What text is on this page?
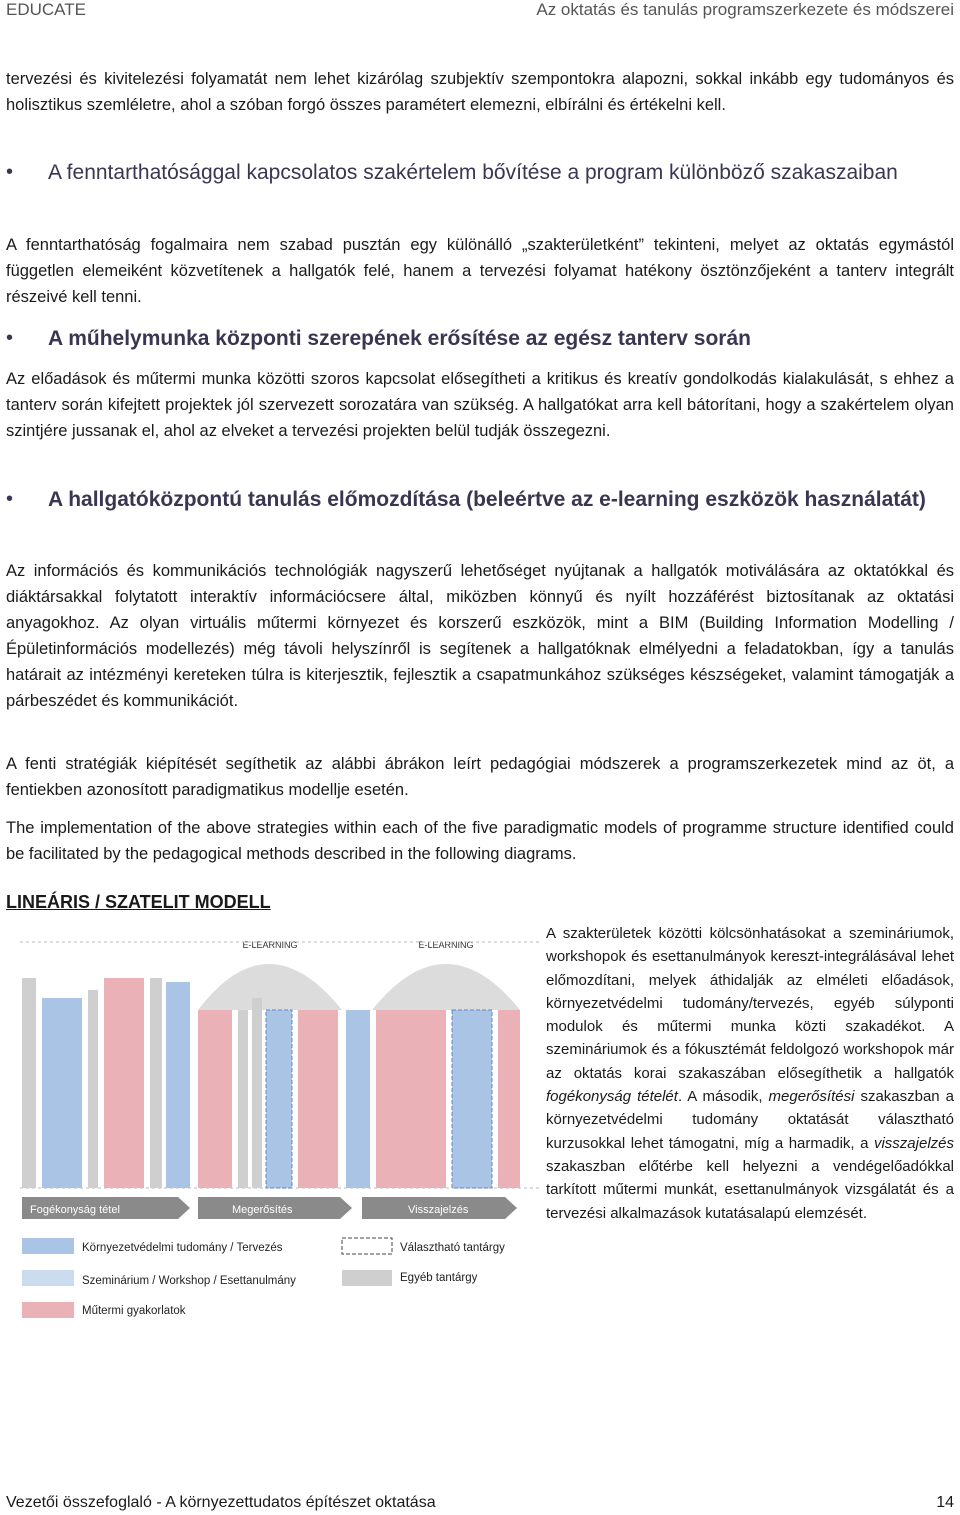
EDUCATE	Az oktatás és tanulás programszerkezete és módszerei
tervezési és kivitelezési folyamatát nem lehet kizárólag szubjektív szempontokra alapozni, sokkal inkább egy tudományos és holisztikus szemléletre, ahol a szóban forgó összes paramétert elemezni, elbírálni és értékelni kell.
• A fenntarthatósággal kapcsolatos szakértelem bővítése a program különböző szakaszaiban
A fenntarthatóság fogalmaira nem szabad pusztán egy különálló „szakterületként” tekinteni, melyet az oktatás egymástól független elemeiként közvetítenek a hallgatók felé, hanem a tervezési folyamat hatékony ösztönzőjeként a tanterv integrált részeivé kell tenni.
• A műhelymunka központi szerepének erősítése az egész tanterv során
Az előadások és műtermi munka közötti szoros kapcsolat elősegítheti a kritikus és kreatív gondolkodás kialakulását, s ehhez a tanterv során kifejtett projektek jól szervezett sorozatára van szükség. A hallgatókat arra kell bátorítani, hogy a szakértelem olyan szintjére jussanak el, ahol az elveket a tervezési projekten belül tudják összegezni.
• A hallgatóközpontú tanulás előmozdítása (beleértve az e-learning eszközök használatát)
Az információs és kommunikációs technológiák nagyszerű lehetőséget nyújtanak a hallgatók motiválására az oktatókkal és diáktársakkal folytatott interaktív információcsere által, miközben könnyű és nyílt hozzáférést biztosítanak az oktatási anyagokhoz. Az olyan virtuális műtermi környezet és korszerű eszközök, mint a BIM (Building Information Modelling / Épületinformációs modellezés) még távoli helyszínről is segítenek a hallgatóknak elmélyedni a feladatokban, így a tanulás határait az intézményi kereteken túlra is kiterjesztik, fejlesztik a csapatmunkához szükséges készségeket, valamint támogatják a párbeszédet és kommunikációt.
A fenti stratégiák kiépítését segíthetik az alábbi ábrákon leírt pedagógiai módszerek a programszerkezetek mind az öt, a fentiekben azonosított paradigmatikus modellje esetén.
The implementation of the above strategies within each of the five paradigmatic models of programme structure identified could be facilitated by the pedagogical methods described in the following diagrams.
LINEÁRIS / SZATELIT MODELL
E-LEARNING	E-LEARNING
Fogékonyság tétel	Megerősítés	Visszajelzés
Környezetvédelmi tudomány / Tervezés	Választható tantárgy
Szeminárium / Workshop / Esettanulmány	Egyéb tantárgy
Műtermi gyakorlatok
A szakterületek közötti kölcsönhatásokat a szemináriumok, workshopok és esettanulmányok kereszt-integrálásával lehet előmozdítani, melyek áthidalják az elméleti előadások, környezetvédelmi tudomány/tervezés, egyéb súlyponti modulok és műtermi munka közti szakadékot. A szemináriumok és a fókusztémát feldolgozó workshopok már az oktatás korai szakaszában elősegíthetik a hallgatók fogékonyság tételét. A második, megerősítési szakaszban a környezetvédelmi tudomány oktatását választható kurzusokkal lehet támogatni, míg a harmadik, a visszajelzés szakaszban előtérbe kell helyezni a vendégelőadókkal tarkított műtermi munkát, esettanulmányok vizsgálatát és a tervezési alkalmazások kutatásalapú elemzését.
Vezetői összefoglaló - A környezettudatos építészet oktatása	14
